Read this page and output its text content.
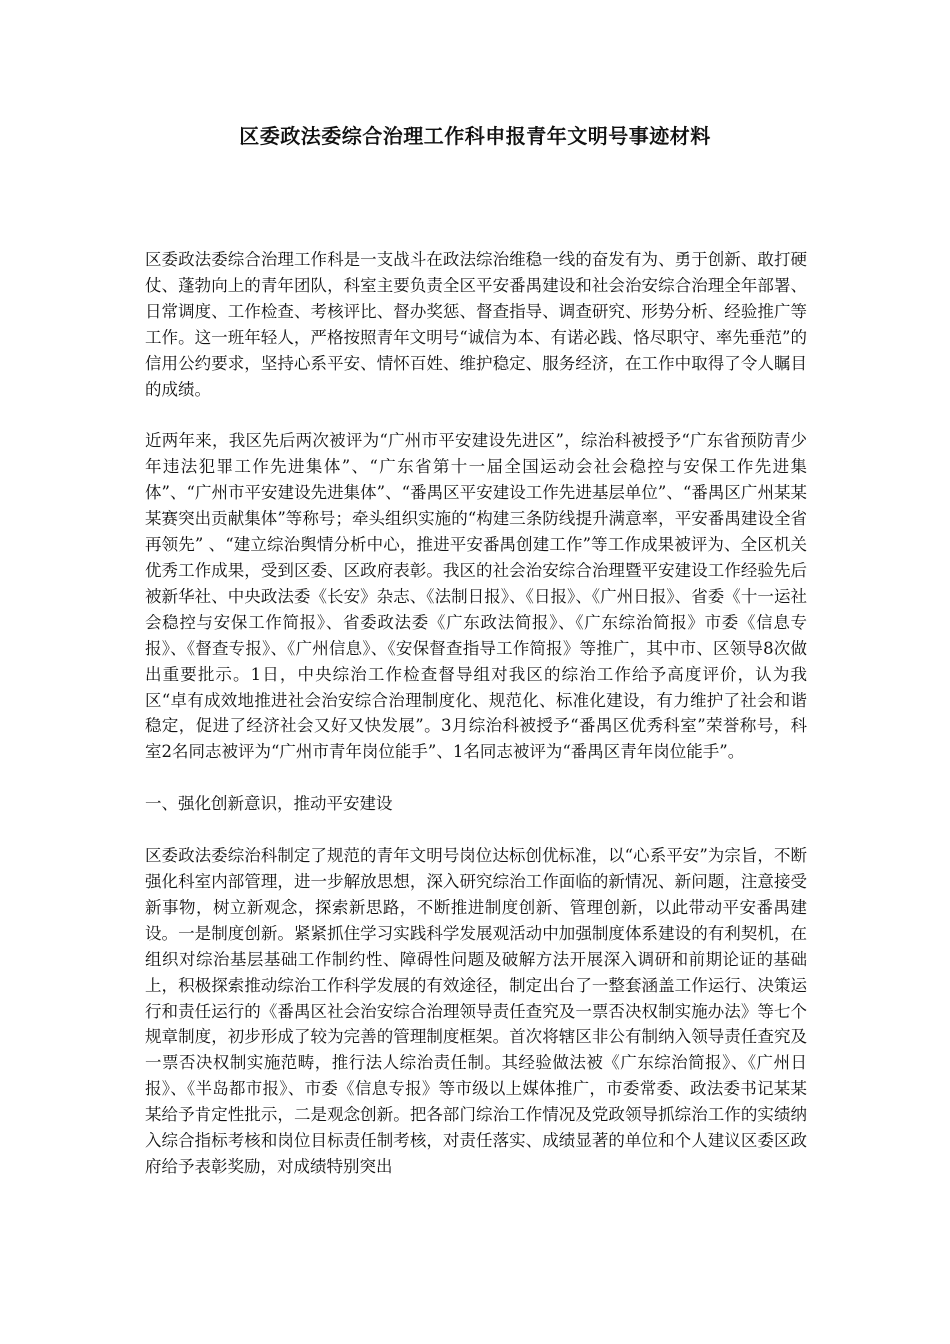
区委政法委综合治理工作科申报青年文明号事迹材料

区委政法委综合治理工作科是一支战斗在政法综治维稳一线的奋发有为、勇于创新、敢打硬仗、蓬勃向上的青年团队，科室主要负责全区平安番禺建设和社会治安综合治理全年部署、日常调度、工作检查、考核评比、督办奖惩、督查指导、调查研究、形势分析、经验推广等工作。这一班年轻人，严格按照青年文明号“诚信为本、有诺必践、恪尽职守、率先垂范”的信用公约要求，坚持心系平安、情怀百姓、维护稳定、服务经济，在工作中取得了令人瞩目的成绩。

近两年来，我区先后两次被评为“广州市平安建设先进区”，综治科被授予“广东省预防青少年违法犯罪工作先进集体”、“广东省第十一届全国运动会社会稳控与安保工作先进集体”、“广州市平安建设先进集体”、“番禺区平安建设工作先进基层单位”、“番禺区广州某某某赛突出贡献集体”等称号；牵头组织实施的“构建三条防线提升满意率，平安番禺建设全省再领先” 、“建立综治舆情分析中心，推进平安番禺创建工作”等工作成果被评为、全区机关优秀工作成果，受到区委、区政府表彰。我区的社会治安综合治理暨平安建设工作经验先后被新华社、中央政法委《长安》杂志、《法制日报》、《日报》、《广州日报》、省委《十一运社会稳控与安保工作简报》、省委政法委《广东政法简报》、《广东综治简报》市委《信息专报》、《督查专报》、《广州信息》、《安保督查指导工作简报》等推广，其中市、区领导8次做出重要批示。1日，中央综治工作检查督导组对我区的综治工作给予高度评价，认为我区“卓有成效地推进社会治安综合治理制度化、规范化、标准化建设，有力维护了社会和谐稳定，促进了经济社会又好又快发展”。3月综治科被授予“番禺区优秀科室”荣誉称号，科室2名同志被评为“广州市青年岗位能手”、1名同志被评为“番禺区青年岗位能手”。

一、强化创新意识，推动平安建设

区委政法委综治科制定了规范的青年文明号岗位达标创优标准，以“心系平安”为宗旨，不断强化科室内部管理，进一步解放思想，深入研究综治工作面临的新情况、新问题，注意接受新事物，树立新观念，探索新思路，不断推进制度创新、管理创新，以此带动平安番禺建设。一是制度创新。紧紧抓住学习实践科学发展观活动中加强制度体系建设的有利契机，在组织对综治基层基础工作制约性、障碍性问题及破解方法开展深入调研和前期论证的基础上，积极探索推动综治工作科学发展的有效途径，制定出台了一整套涵盖工作运行、决策运行和责任运行的《番禺区社会治安综合治理领导责任查究及一票否决权制实施办法》等七个规章制度，初步形成了较为完善的管理制度框架。首次将辖区非公有制纳入领导责任查究及一票否决权制实施范畴，推行法人综治责任制。其经验做法被《广东综治简报》、《广州日报》、《半岛都市报》、市委《信息专报》等市级以上媒体推广，市委常委、政法委书记某某某给予肯定性批示，二是观念创新。把各部门综治工作情况及党政领导抓综治工作的实绩纳入综合指标考核和岗位目标责任制考核，对责任落实、成绩显著的单位和个人建议区委区政府给予表彰奖励，对成绩特别突出
